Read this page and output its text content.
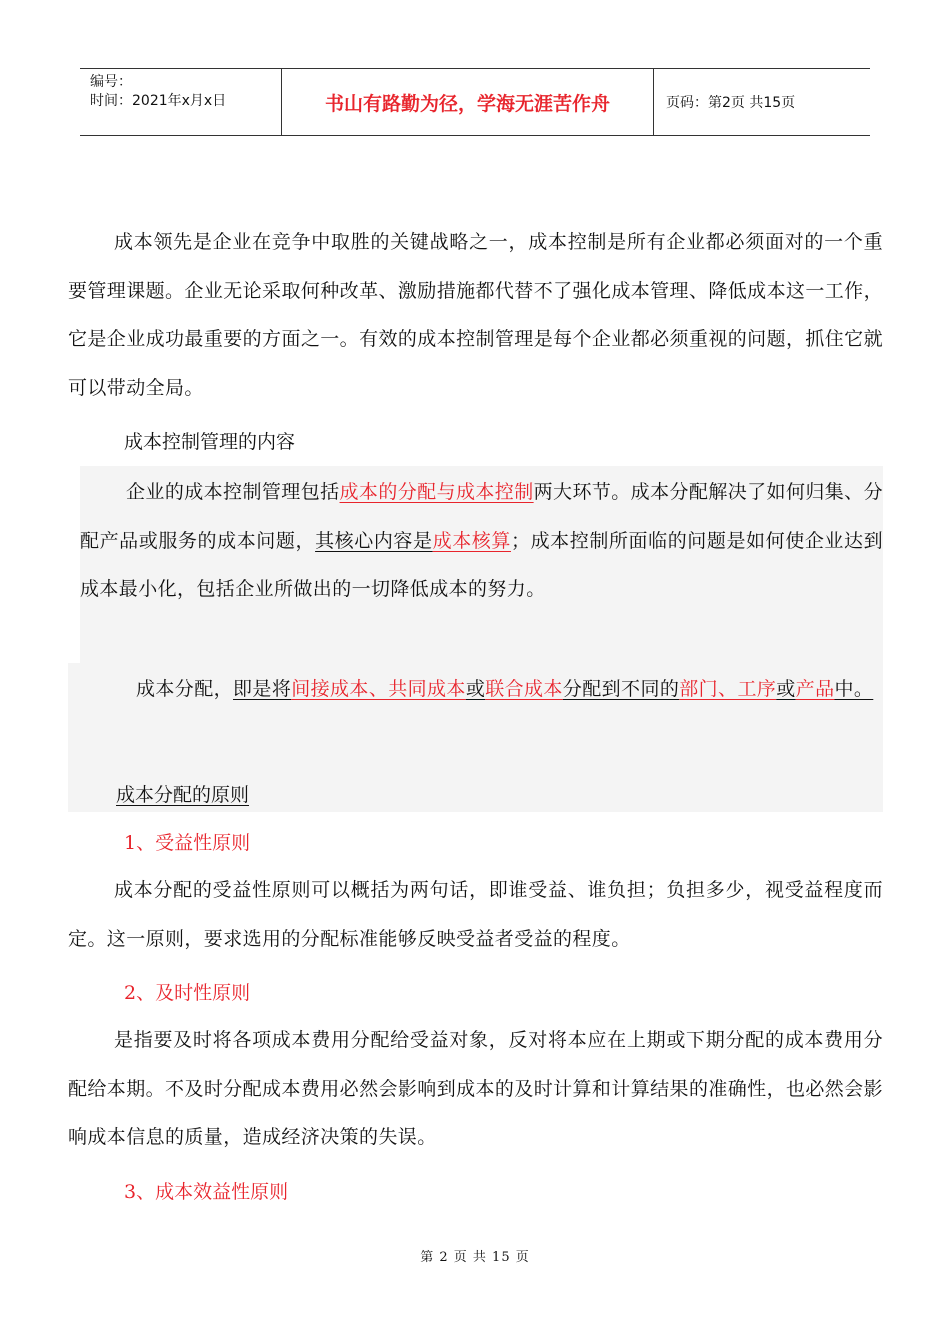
编号：
时间：2021年x月x日	书山有路勤为径，学海无涯苦作舟	页码：第2页 共15页
成本领先是企业在竞争中取胜的关键战略之一，成本控制是所有企业都必须面对的一个重要管理课题。企业无论采取何种改革、激励措施都代替不了强化成本管理、降低成本这一工作，它是企业成功最重要的方面之一。有效的成本控制管理是每个企业都必须重视的问题，抓住它就可以带动全局。
成本控制管理的内容
企业的成本控制管理包括成本的分配与成本控制两大环节。成本分配解决了如何归集、分配产品或服务的成本问题，其核心内容是成本核算；成本控制所面临的问题是如何使企业达到成本最小化，包括企业所做出的一切降低成本的努力。
成本分配，即是将间接成本、共同成本或联合成本分配到不同的部门、工序或产品中。
成本分配的原则
1、受益性原则
成本分配的受益性原则可以概括为两句话，即谁受益、谁负担；负担多少，视受益程度而定。这一原则，要求选用的分配标准能够反映受益者受益的程度。
2、及时性原则
是指要及时将各项成本费用分配给受益对象，反对将本应在上期或下期分配的成本费用分配给本期。不及时分配成本费用必然会影响到成本的及时计算和计算结果的准确性，也必然会影响成本信息的质量，造成经济决策的失误。
3、成本效益性原则
第 2 页 共 15 页
